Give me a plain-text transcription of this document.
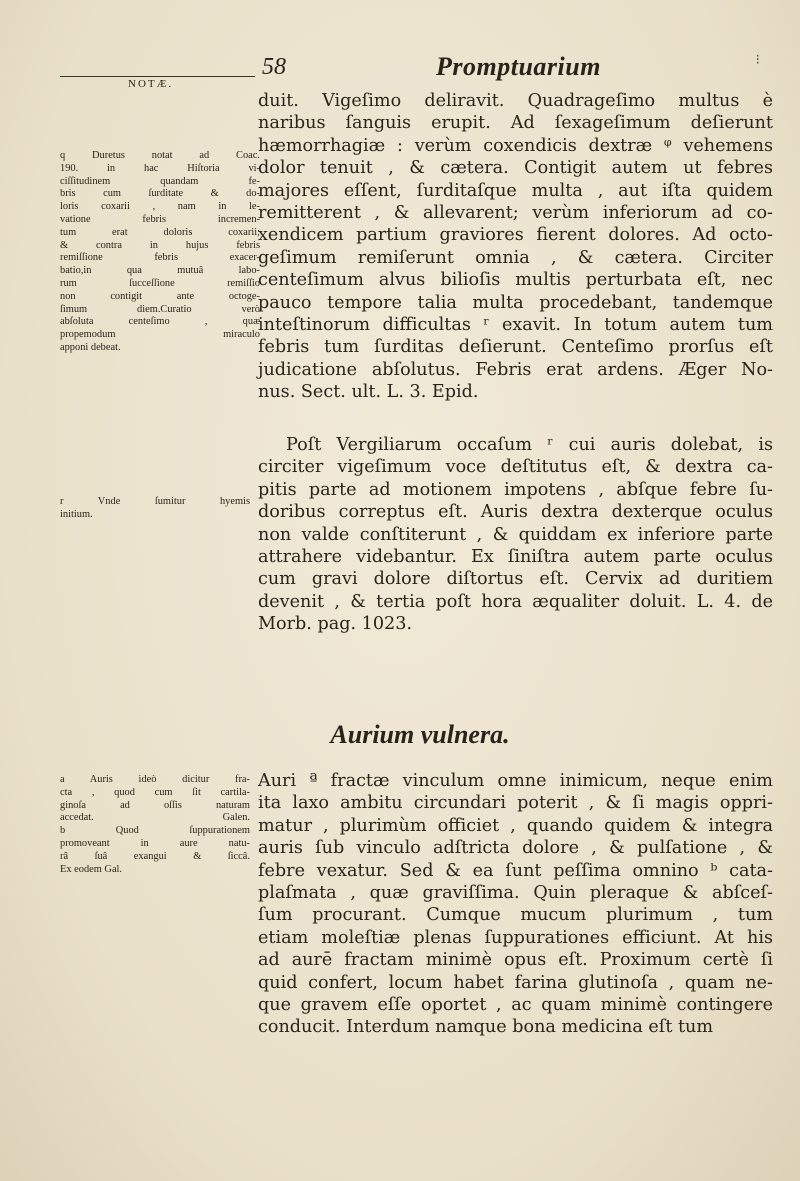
NOTÆ.
58	Promptuarium	⁝
duit. Vigeſimo deliravit. Quadrageſimo multus è
naribus ſanguis erupit. Ad ſexageſimum deſierunt
hæmorrhagiæ : verùm coxendicis dextræ ᵠ vehemens
dolor tenuit , & cætera. Contigit autem ut febres
majores eſſent, ſurditaſque multa , aut iſta quidem
remitterent , & allevarent; verùm inferiorum ad co-
xendicem partium graviores fierent dolores. Ad octo-
geſimum remiſerunt omnia , & cætera. Circiter
centeſimum alvus bilioſis multis perturbata eſt, nec
pauco tempore talia multa procedebant, tandemque
inteſtinorum difficultas ʳ exavit. In totum autem tum
febris tum ſurditas deſierunt. Centeſimo prorſus eſt
judicatione abſolutus. Febris erat ardens. Æger No-
nus. Sect. ult. L. 3. Epid.
Poſt Vergiliarum occaſum ʳ cui auris dolebat, is
circiter vigeſimum voce deſtitutus eſt, & dextra ca-
pitis parte ad motionem impotens , abſque febre ſu-
doribus correptus eſt. Auris dextra dexterque oculus
non valde conſtiterunt , & quiddam ex inferiore parte
attrahere videbantur. Ex ſiniſtra autem parte oculus
cum gravi dolore diſtortus eſt. Cervix ad duritiem
devenit , & tertia poſt hora æqualiter doluit. L. 4. de
Morb. pag. 1023.
Aurium vulnera.
Auri ª fractæ vinculum omne inimicum, neque enim
ita laxo ambitu circundari poterit , & ſi magis oppri-
matur , plurimùm officiet , quando quidem & integra
auris ſub vinculo adſtricta dolore , & pulſatione , &
febre vexatur. Sed & ea ſunt peſſima omnino ᵇ cata-
plaſmata , quæ graviſſima. Quin pleraque & abſceſ-
ſum procurant. Cumque mucum plurimum , tum
etiam moleſtiæ plenas ſuppurationes efficiunt. At his
ad aurē fractam minimè opus eſt. Proximum certè ſi
quid confert, locum habet farina glutinoſa , quam ne-
que gravem eſſe oportet , ac quam minimè contingere
conducit. Interdum namque bona medicina eſt tum
q Duretus notat ad Coac.
190. in hac Hiſtoria vi-
ciſſitudinem quandam fe-
bris cum ſurditate & do-
loris coxarii , nam in le-
vatione febris incremen-
tum erat doloris coxarii;
& contra in hujus febris
remiſſione febris exacer-
batio,in qua mutuâ labo-
rum ſucceſſione remiſſio
non contigit ante octoge-
ſimum diem.Curatio verò
abſoluta centeſimo , quæ
propemodum miraculo
apponi debeat.
r Vnde ſumitur hyemis
initium.
a Auris ideò dicitur fra-
cta , quod cum ſit cartila-
ginoſa ad oſſis naturam
accedat. Galen.
b Quod ſuppurationem
promoveant in aure natu-
râ ſuâ exangui & ſiccâ.
Ex eodem Gal.
